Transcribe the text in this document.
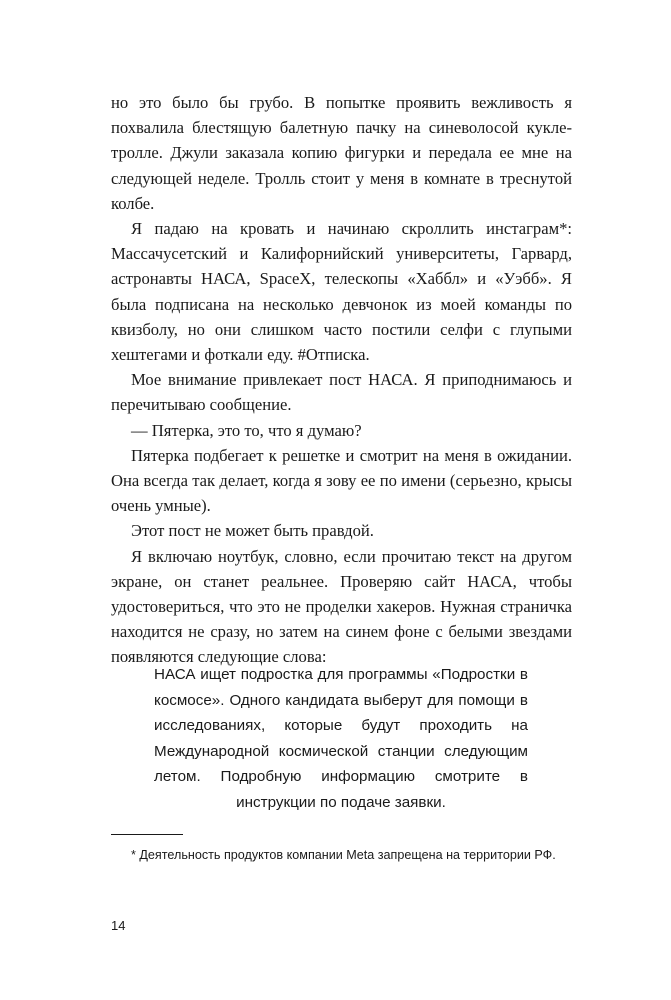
но это было бы грубо. В попытке проявить вежливость я похвалила блестящую балетную пачку на синеволосой кукле-тролле. Джули заказала копию фигурки и передала ее мне на следующей неделе. Тролль стоит у меня в комнате в треснутой колбе.

Я падаю на кровать и начинаю скроллить инстаграм*: Массачусетский и Калифорнийский университеты, Гарвард, астронавты НАСА, SpaceX, телескопы «Хаббл» и «Уэбб». Я была подписана на несколько девчонок из моей команды по квизболу, но они слишком часто постили селфи с глупыми хештегами и фоткали еду. #Отписка.

Мое внимание привлекает пост НАСА. Я приподнимаюсь и перечитываю сообщение.

— Пятерка, это то, что я думаю?

Пятерка подбегает к решетке и смотрит на меня в ожидании. Она всегда так делает, когда я зову ее по имени (серьезно, крысы очень умные).

Этот пост не может быть правдой.

Я включаю ноутбук, словно, если прочитаю текст на другом экране, он станет реальнее. Проверяю сайт НАСА, чтобы удостовериться, что это не проделки хакеров. Нужная страничка находится не сразу, но затем на синем фоне с белыми звездами появляются следующие слова:

НАСА ищет подростка для программы «Подростки в космосе». Одного кандидата выберут для помощи в исследованиях, которые будут проходить на Международной космической станции следующим летом. Подробную информацию смотрите в инструкции по подаче заявки.
* Деятельность продуктов компании Meta запрещена на территории РФ.
14
